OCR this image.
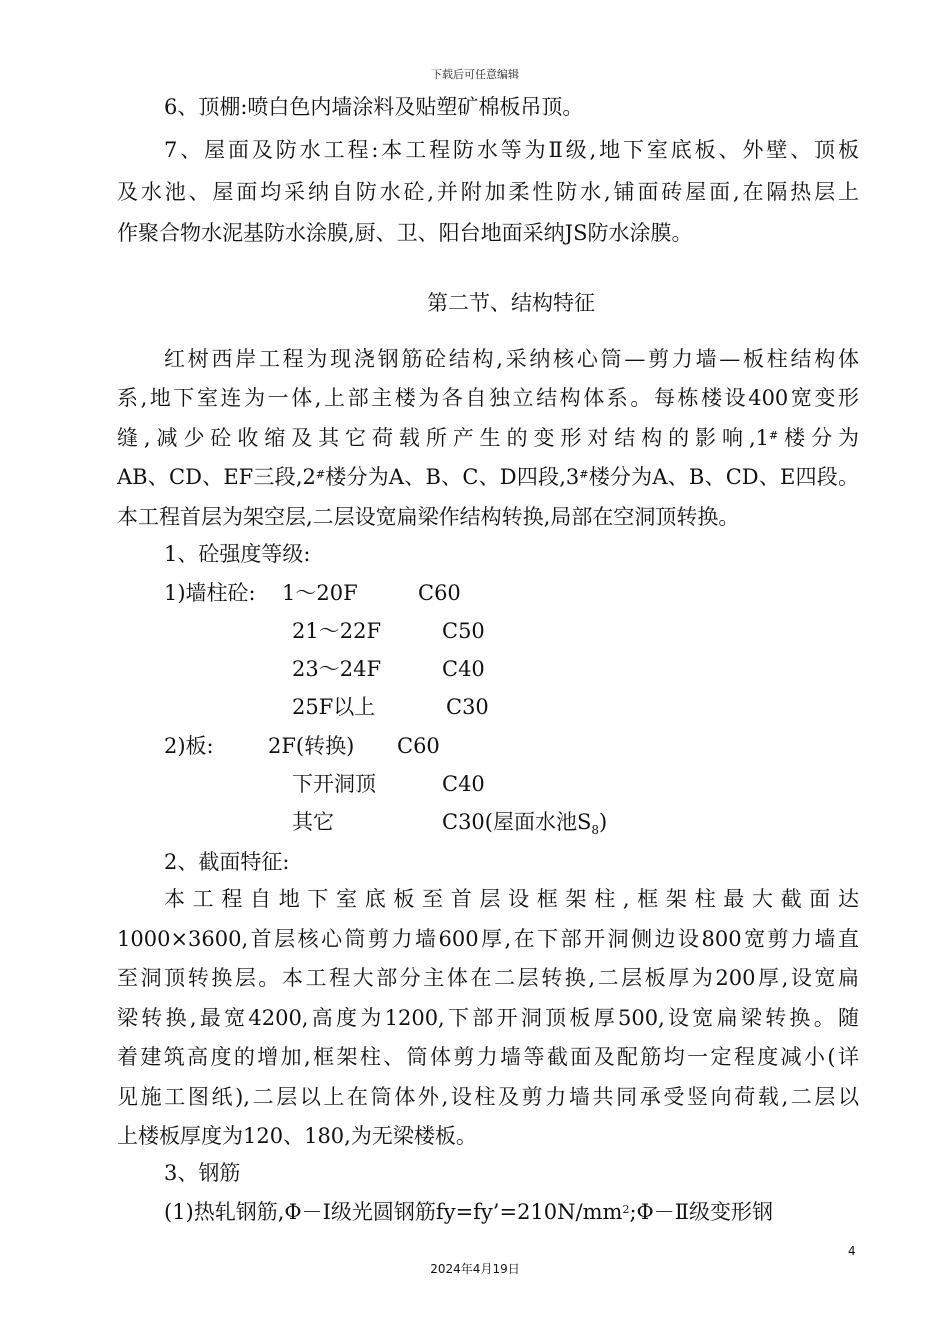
下载后可任意编辑
6、顶棚:喷白色内墙涂料及贴塑矿棉板吊顶。
7、屋面及防水工程:本工程防水等为Ⅱ级,地下室底板、外壁、顶板
及水池、屋面均采纳自防水砼,并附加柔性防水,铺面砖屋面,在隔热层上
作聚合物水泥基防水涂膜,厨、卫、阳台地面采纳JS防水涂膜。
第二节、结构特征
红树西岸工程为现浇钢筋砼结构,采纳核心筒—剪力墙—板柱结构体
系,地下室连为一体,上部主楼为各自独立结构体系。每栋楼设400宽变形
缝,减少砼收缩及其它荷载所产生的变形对结构的影响,1#楼分为
AB、CD、EF三段,2#楼分为A、B、C、D四段,3#楼分为A、B、CD、E四段。
本工程首层为架空层,二层设宽扁梁作结构转换,局部在空洞顶转换。
1、砼强度等级:
1)墙柱砼: 1～20F	C60
21～22F	C50
23～24F	C40
25F以上	C30
2)板:	2F(转换) C60
下开洞顶	C40
其它	C30(屋面水池$S_8$)
2、截面特征:
本工程自地下室底板至首层设框架柱,框架柱最大截面达
1000×3600,首层核心筒剪力墙600厚,在下部开洞侧边设800宽剪力墙直
至洞顶转换层。本工程大部分主体在二层转换,二层板厚为200厚,设宽扁
梁转换,最宽4200,高度为1200,下部开洞顶板厚500,设宽扁梁转换。随
着建筑高度的增加,框架柱、筒体剪力墙等截面及配筋均一定程度减小(详
见施工图纸),二层以上在筒体外,设柱及剪力墙共同承受竖向荷载,二层以
上楼板厚度为120、180,为无梁楼板。
3、钢筋
(1)热轧钢筋,Φ－Ⅰ级光圆钢筋$fy=fy’=210N/mm^2;\Phi-Ⅱ$级变形钢
4
2024年4月19日
